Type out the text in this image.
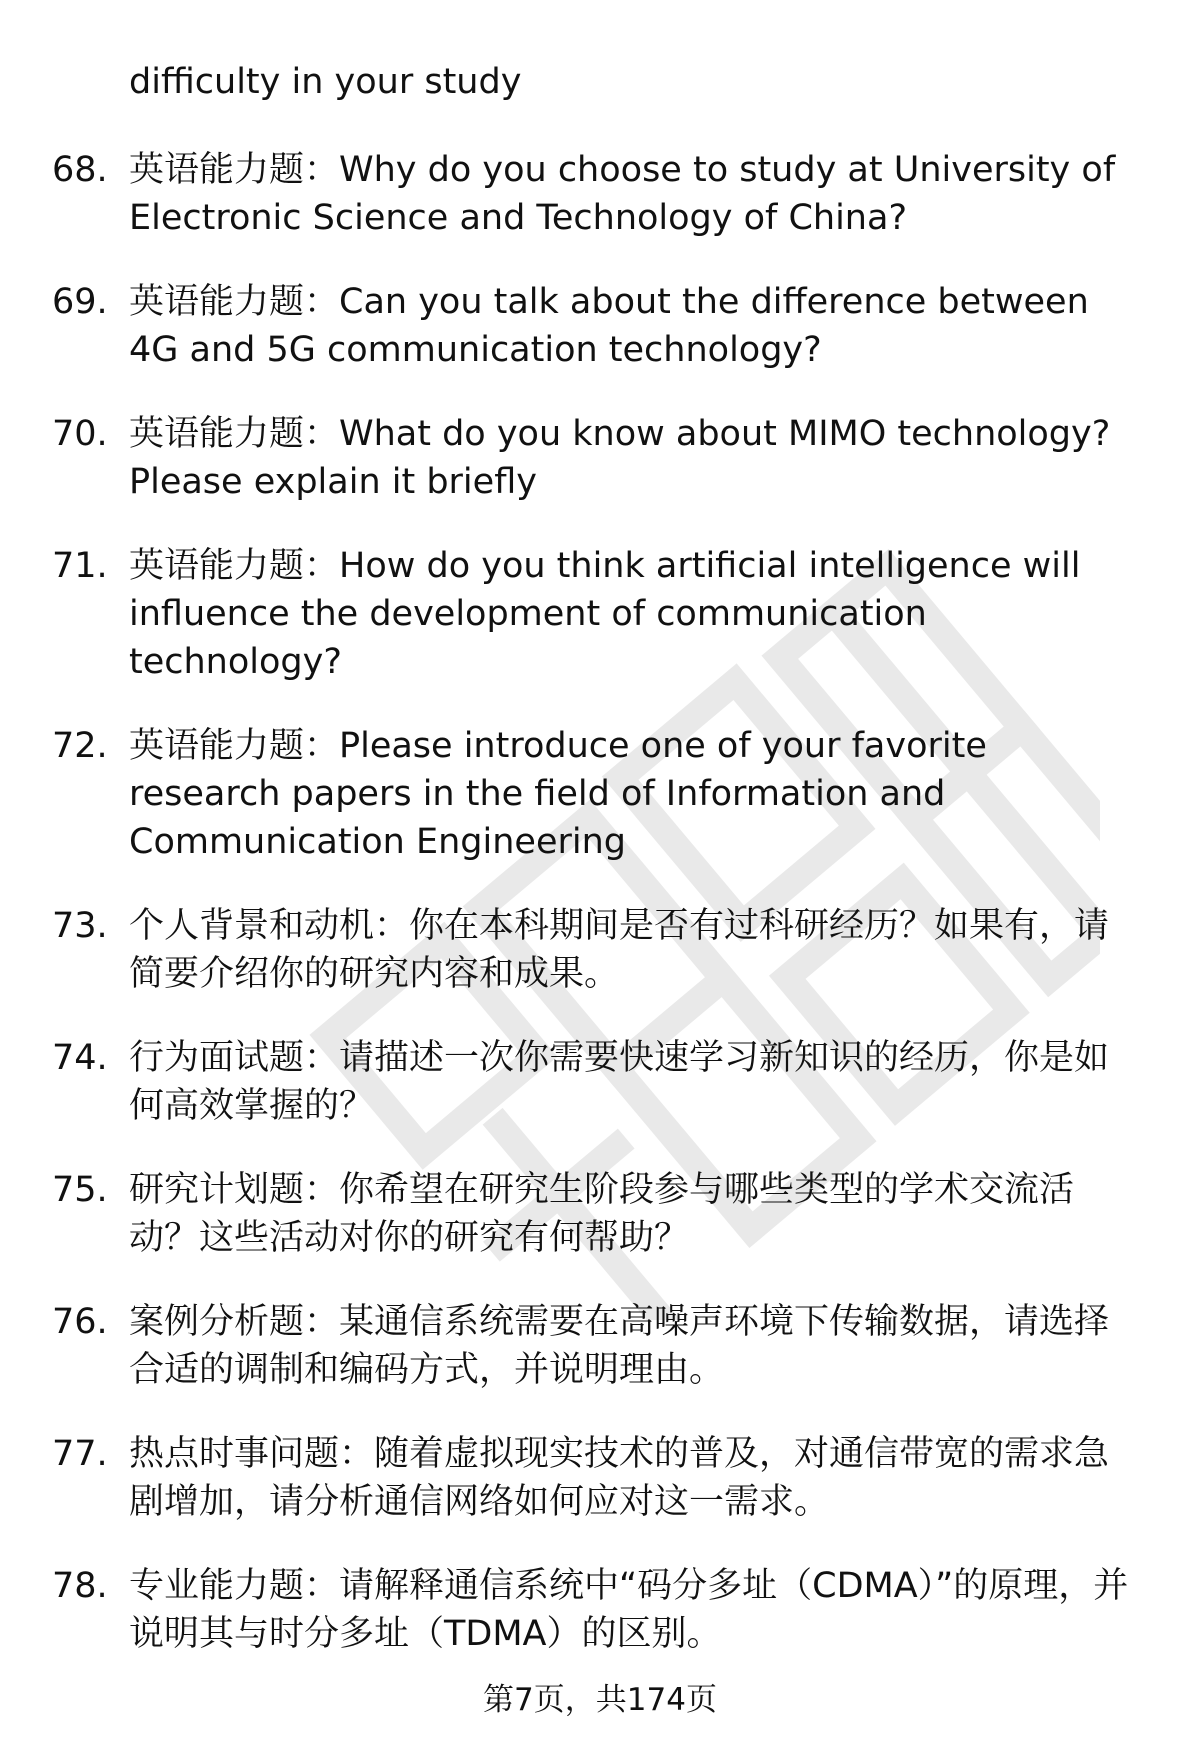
difficulty in your study

68. 英语能力题：Why do you choose to study at University of Electronic Science and Technology of China?

69. 英语能力题：Can you talk about the difference between 4G and 5G communication technology?

70. 英语能力题：What do you know about MIMO technology? Please explain it briefly

71. 英语能力题：How do you think artificial intelligence will influence the development of communication technology?

72. 英语能力题：Please introduce one of your favorite research papers in the field of Information and Communication Engineering

73. 个人背景和动机：你在本科期间是否有过科研经历？如果有，请简要介绍你的研究内容和成果。

74. 行为面试题：请描述一次你需要快速学习新知识的经历，你是如何高效掌握的？

75. 研究计划题：你希望在研究生阶段参与哪些类型的学术交流活动？这些活动对你的研究有何帮助？

76. 案例分析题：某通信系统需要在高噪声环境下传输数据，请选择合适的调制和编码方式，并说明理由。

77. 热点时事问题：随着虚拟现实技术的普及，对通信带宽的需求急剧增加，请分析通信网络如何应对这一需求。

78. 专业能力题：请解释通信系统中“码分多址（CDMA）”的原理，并说明其与时分多址（TDMA）的区别。

第7页，共174页
